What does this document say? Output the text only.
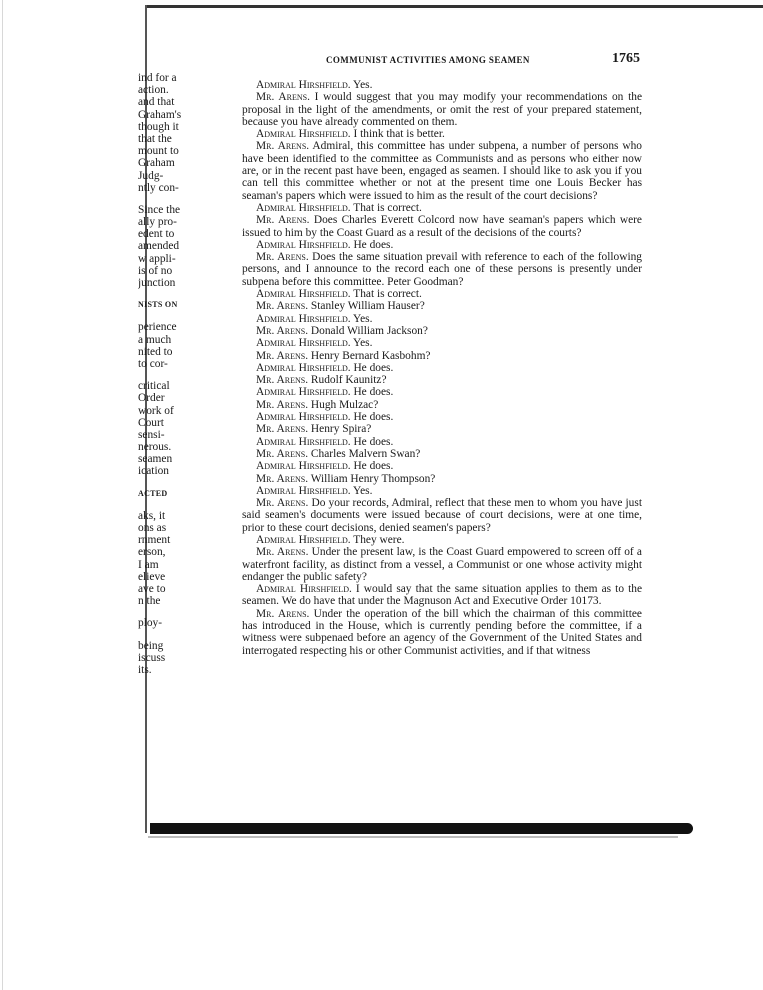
COMMUNIST ACTIVITIES AMONG SEAMEN	1765
ind for a
action.
and that
Graham's
though it
that the
mount to
Graham
Judg-
ntly con-
Since the
ally pro-
edent to
amended
w appli-
is of no
junction
NISTS ON
perience
a much
nited to
to cor-
critical
Order
work of
Court
sensi-
nerous.
seamen
ication
ACTED
aks, it
ons as
rnment
erson,
I am
elieve
ave to
n the
ploy-
being
iscuss
its.

Admiral Hirshfield. Yes.

Mr. Arens. I would suggest that you may modify your recommendations on the proposal in the light of the amendments, or omit the rest of your prepared statement, because you have already commented on them.

Admiral Hirshfield. I think that is better.

Mr. Arens. Admiral, this committee has under subpena, a number of persons who have been identified to the committee as Communists and as persons who either now are, or in the recent past have been, engaged as seamen. I should like to ask you if you can tell this committee whether or not at the present time one Louis Becker has seaman's papers which were issued to him as the result of the court decisions?

Admiral Hirshfield. That is correct.

Mr. Arens. Does Charles Everett Colcord now have seaman's papers which were issued to him by the Coast Guard as a result of the decisions of the courts?

Admiral Hirshfield. He does.

Mr. Arens. Does the same situation prevail with reference to each of the following persons, and I announce to the record each one of these persons is presently under subpena before this committee. Peter Goodman?

Admiral Hirshfield. That is correct.

Mr. Arens. Stanley William Hauser?

Admiral Hirshfield. Yes.

Mr. Arens. Donald William Jackson?

Admiral Hirshfield. Yes.

Mr. Arens. Henry Bernard Kasbohm?

Admiral Hirshfield. He does.

Mr. Arens. Rudolf Kaunitz?

Admiral Hirshfield. He does.

Mr. Arens. Hugh Mulzac?

Admiral Hirshfield. He does.

Mr. Arens. Henry Spira?

Admiral Hirshfield. He does.

Mr. Arens. Charles Malvern Swan?

Admiral Hirshfield. He does.

Mr. Arens. William Henry Thompson?

Admiral Hirshfield. Yes.

Mr. Arens. Do your records, Admiral, reflect that these men to whom you have just said seamen's documents were issued because of court decisions, were at one time, prior to these court decisions, denied seamen's papers?

Admiral Hirshfield. They were.

Mr. Arens. Under the present law, is the Coast Guard empowered to screen off of a waterfront facility, as distinct from a vessel, a Communist or one whose activity might endanger the public safety?

Admiral Hirshfield. I would say that the same situation applies to them as to the seamen. We do have that under the Magnuson Act and Executive Order 10173.

Mr. Arens. Under the operation of the bill which the chairman of this committee has introduced in the House, which is currently pending before the committee, if a witness were subpenaed before an agency of the Government of the United States and interrogated respecting his or other Communist activities, and if that witness
